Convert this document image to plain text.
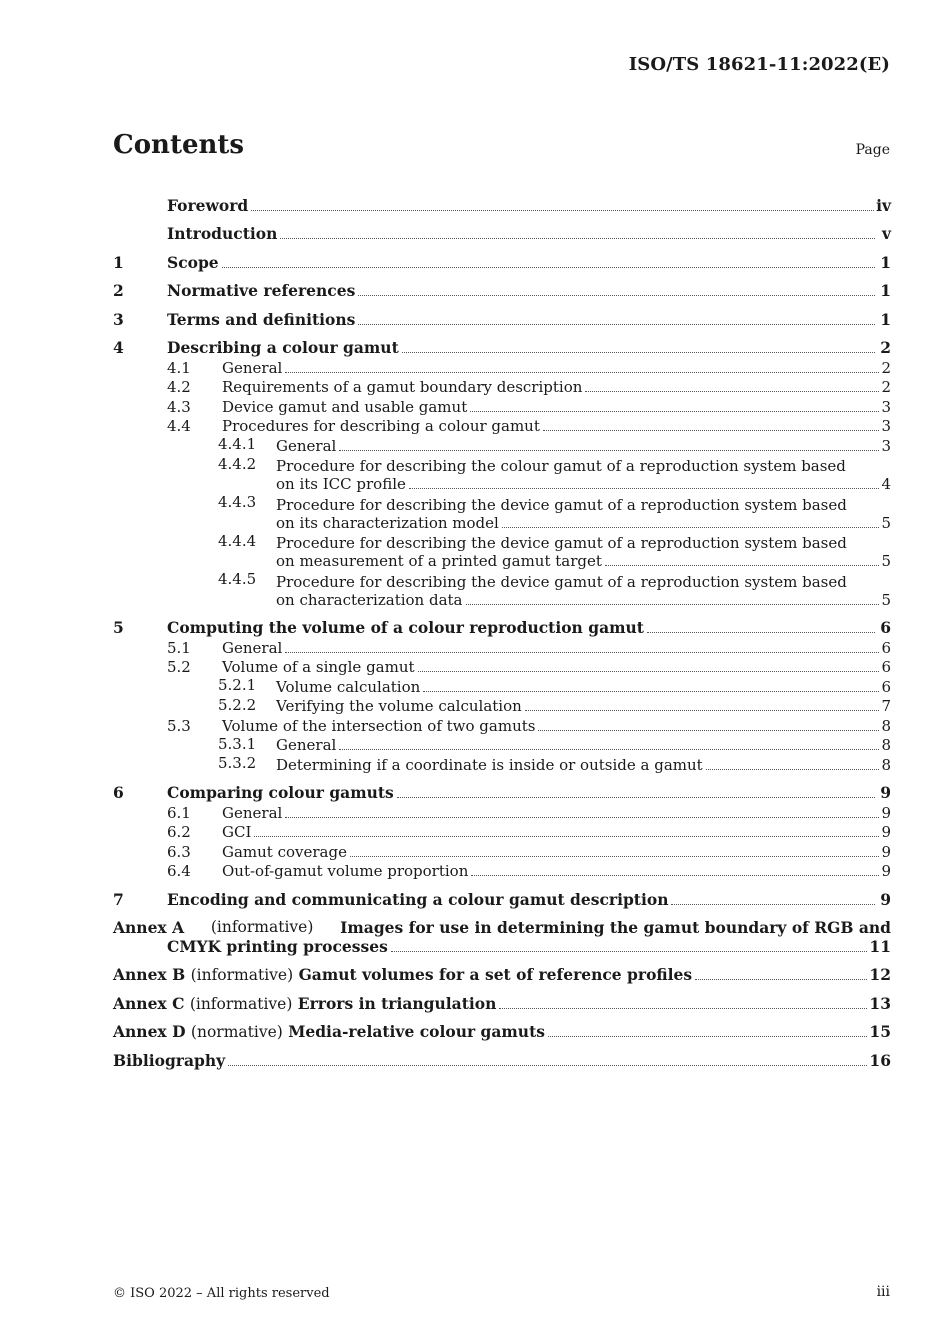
ISO/TS 18621-11:2022(E)
Contents	Page
Foreword	iv
Introduction	v
1	Scope	1
2	Normative references	1
3	Terms and definitions	1
4	Describing a colour gamut	2
4.1	General	2
4.2	Requirements of a gamut boundary description	2
4.3	Device gamut and usable gamut	3
4.4	Procedures for describing a colour gamut	3
4.4.1	General	3
4.4.2	Procedure for describing the colour gamut of a reproduction system based
on its ICC profile	4
4.4.3	Procedure for describing the device gamut of a reproduction system based
on its characterization model	5
4.4.4	Procedure for describing the device gamut of a reproduction system based
on measurement of a printed gamut target	5
4.4.5	Procedure for describing the device gamut of a reproduction system based
on characterization data	5
5	Computing the volume of a colour reproduction gamut	6
5.1	General	6
5.2	Volume of a single gamut	6
5.2.1	Volume calculation	6
5.2.2	Verifying the volume calculation	7
5.3	Volume of the intersection of two gamuts	8
5.3.1	General	8
5.3.2	Determining if a coordinate is inside or outside a gamut	8
6	Comparing colour gamuts	9
6.1	General	9
6.2	GCI	9
6.3	Gamut coverage	9
6.4	Out-of-gamut volume proportion	9
7	Encoding and communicating a colour gamut description	9
Annex A (informative) Images for use in determining the gamut boundary of RGB and
CMYK printing processes	11
Annex B (informative) Gamut volumes for a set of reference profiles	12
Annex C (informative) Errors in triangulation	13
Annex D (normative) Media-relative colour gamuts	15
Bibliography	16
© ISO 2022 – All rights reserved	iii
